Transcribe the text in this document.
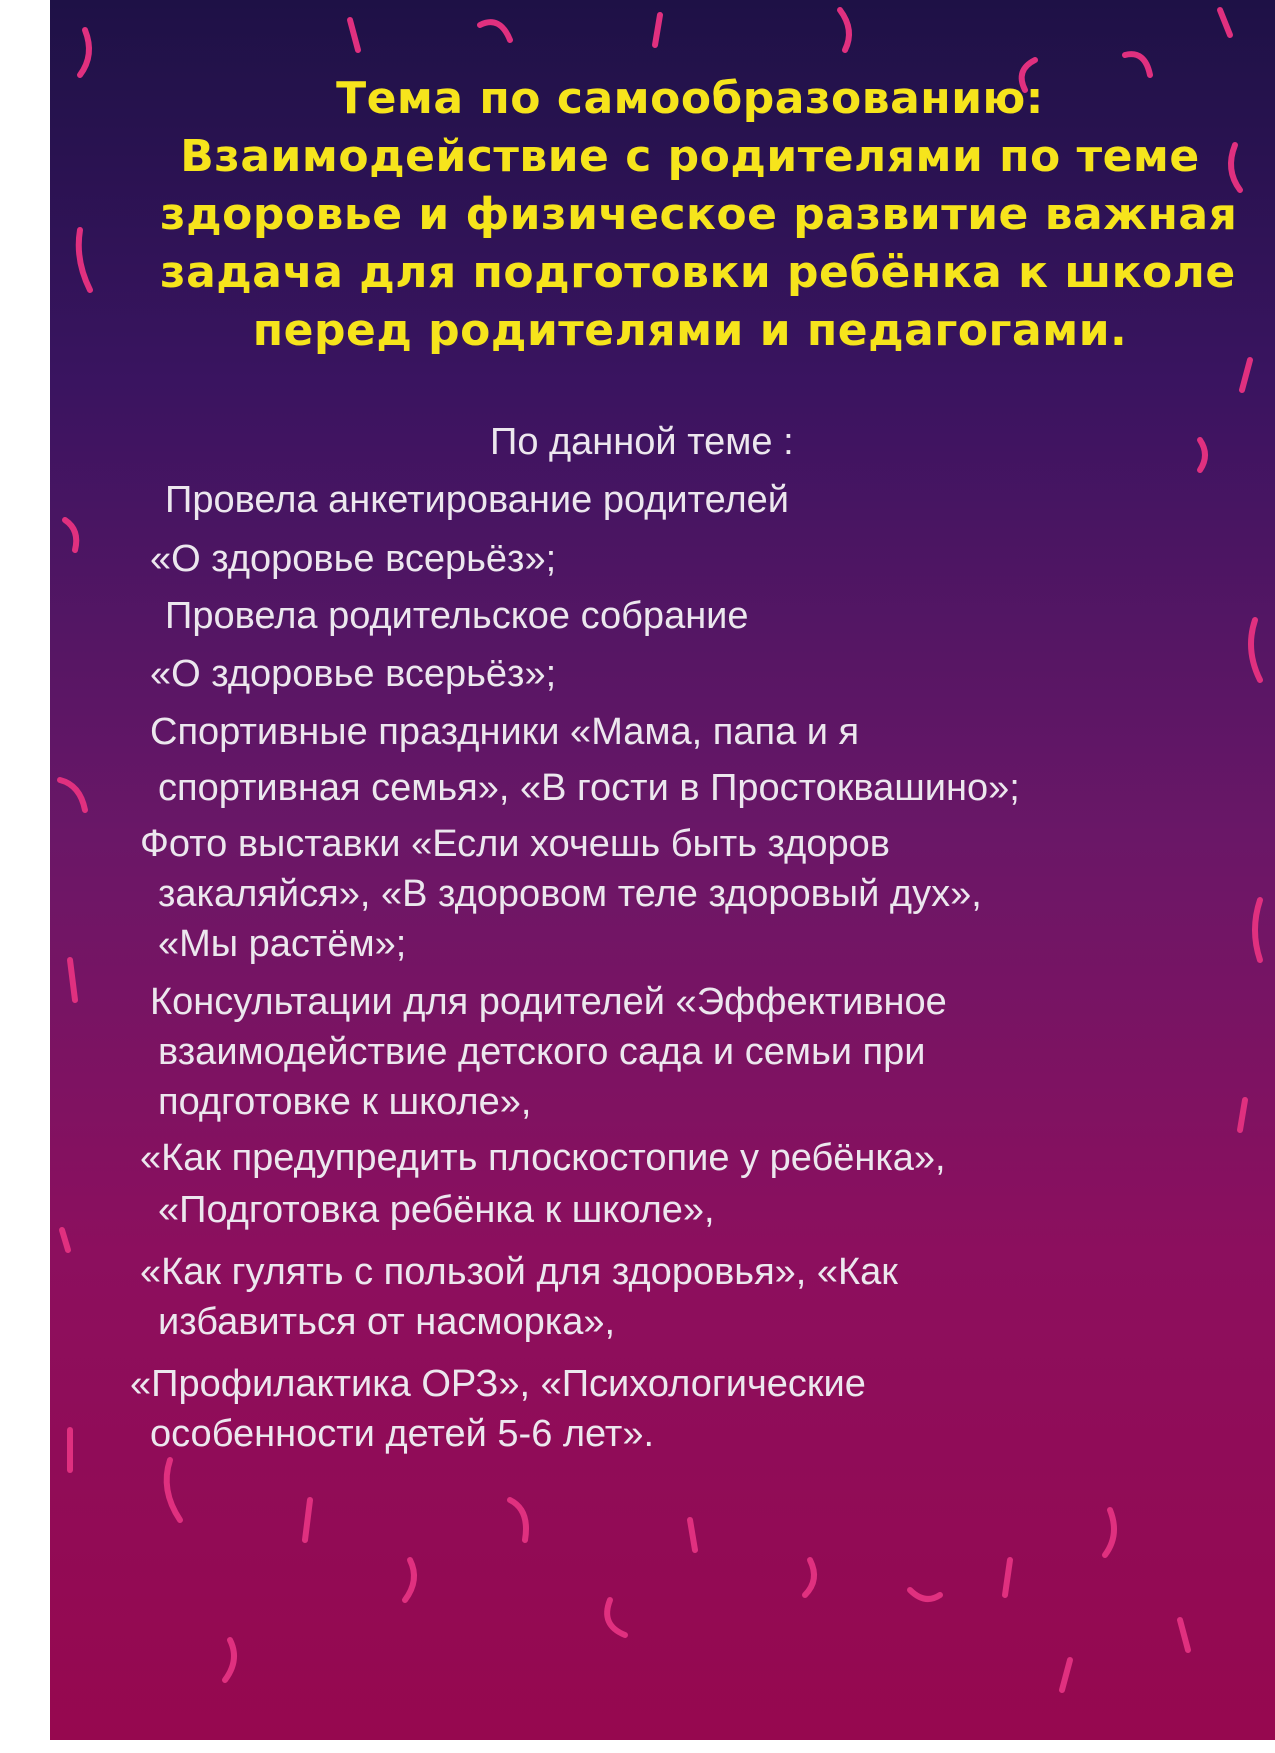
Тема по самообразованию:
Взаимодействие с родителями по теме
здоровье и физическое развитие важная
задача для подготовки ребёнка к школе
перед родителями и педагогами.
По данной теме :
Провела анкетирование родителей
«О здоровье всерьёз»;
Провела родительское собрание
«О здоровье всерьёз»;
Спортивные праздники «Мама, папа и я
спортивная семья», «В гости в Простоквашино»;
Фото выставки «Если хочешь быть здоров
закаляйся», «В здоровом теле здоровый дух»,
«Мы растём»;
Консультации для родителей «Эффективное
взаимодействие детского сада и семьи при
подготовке к школе»,
«Как предупредить плоскостопие у ребёнка»,
«Подготовка ребёнка к школе»,
«Как гулять с пользой для здоровья», «Как
избавиться от насморка»,
«Профилактика ОРЗ», «Психологические
особенности детей 5-6 лет».
